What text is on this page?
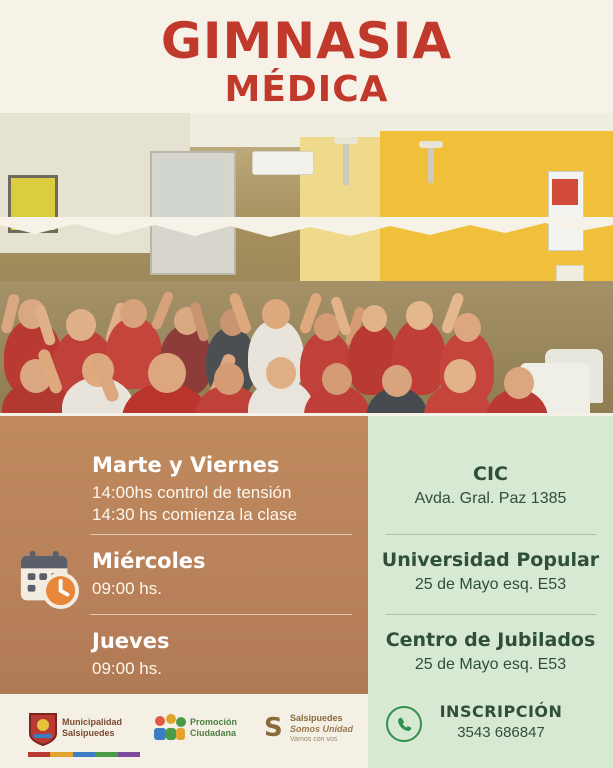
GIMNASIA
MÉDICA
Marte y Viernes
14:00hs control de tensión
14:30 hs comienza la clase
Miércoles
09:00 hs.
Jueves
09:00 hs.
CIC
Avda. Gral. Paz 1385
Universidad Popular
25 de Mayo esq. E53
Centro de Jubilados
25 de Mayo esq. E53
Municipalidad
Salsipuedes
Promoción
Ciudadana S Salsipuedes
Somos Unidad
Vamos con vos
INSCRIPCIÓN
3543 686847
